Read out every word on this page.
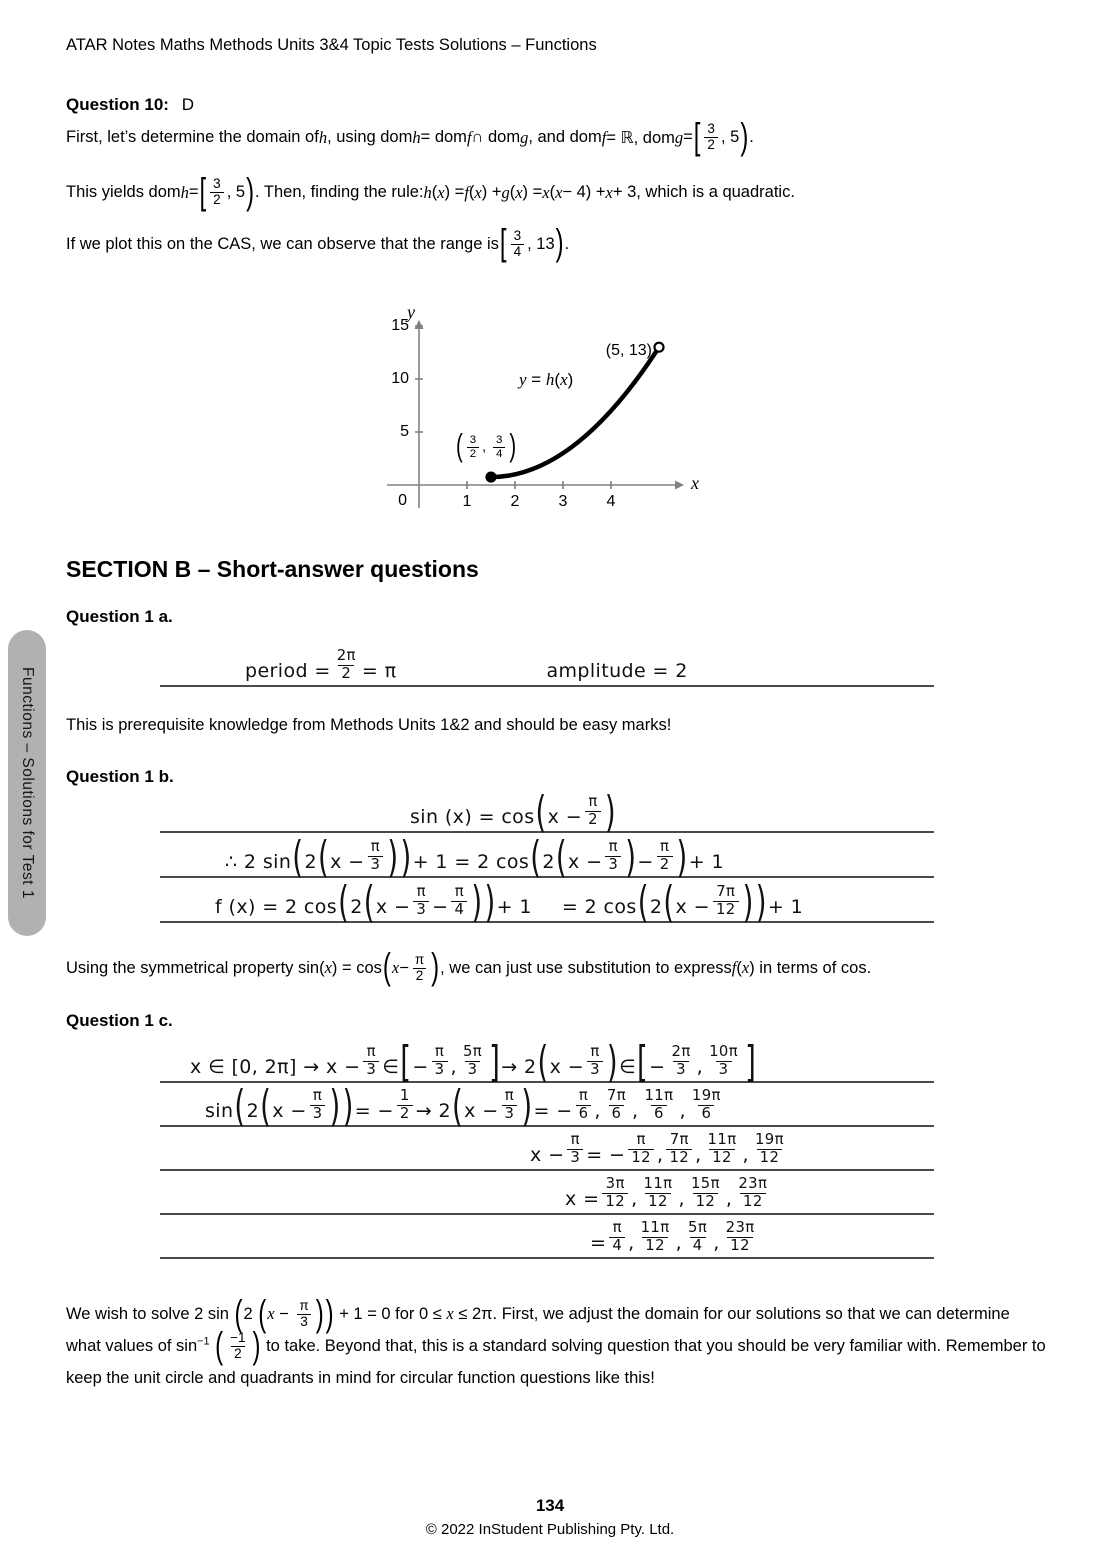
ATAR Notes Maths Methods Units 3&4 Topic Tests Solutions – Functions
Question 10: D
First, let’s determine the domain of h , using dom h = dom f ∩ dom g , and dom f = ℝ, dom g = [ $\frac{3}{2}$ , 5 ) .
This yields dom h = [ $\frac{3}{2}$ , 5 ) . Then, finding the rule: h ( x ) = f ( x ) + g ( x ) = x ( x − 4) + x + 3, which is a quadratic.
If we plot this on the CAS, we can observe that the range is [ $\frac{3}{4}$ , 13 ) .
y
x
15
10
5
0	1	2	3	4
y = h(x)
(5, 13)
( $\frac{3}{2}$ , $\frac{3}{4}$ )
SECTION B – Short-answer questions
Question 1 a.
period = $\frac{2\pi}{2} = \pi$	amplitude = 2
This is prerequisite knowledge from Methods Units 1&2 and should be easy marks!
Question 1 b.
sin (x) = cos ( $x - \frac{\pi}{2}$ )
∴ 2 sin ( 2 ( $x - \frac{\pi}{3}$ ) ) + 1 = 2 cos ( 2 ( $x - \frac{\pi}{3}$ ) − $\frac{\pi}{2}$ ) + 1
f (x) = 2 cos ( 2 ( $x - \frac{\pi}{3} - \frac{\pi}{4}$ ) ) + 1 = 2 cos ( 2 ( $x - \frac{7\pi}{12}$ ) ) + 1
Using the symmetrical property sin( x ) = cos ( $x - \frac{\pi}{2}$ ) , we can just use substitution to express f ( x ) in terms of cos.
Question 1 c.
x ∈ [0, $2\pi] \to x - \frac{\pi}{3}$ ∈ [ − $\frac{\pi}{3}$ , $\frac{5\pi}{3}$ ] → 2 ( $x - \frac{\pi}{3}$ ) ∈ [ − $\frac{2\pi}{3}$ , $\frac{10\pi}{3}$ ]
sin ( 2 ( $x - \frac{\pi}{3}$ ) ) = − $\frac{1}{2} \to 2$ ( $x - \frac{\pi}{3}$ ) = − $\frac{\pi}{6}$ , $\frac{7\pi}{6}$ , $\frac{11\pi}{6}$ , $\frac{19\pi}{6}$
$x - \frac{\pi}{3}$ = − $\frac{\pi}{12}$ , $\frac{7\pi}{12}$ , $\frac{11\pi}{12}$ , $\frac{19\pi}{12}$
$x = \frac{3\pi}{12}$ , $\frac{11\pi}{12}$ , $\frac{15\pi}{12}$ , $\frac{23\pi}{12}$
= $\frac{\pi}{4}$ , $\frac{11\pi}{12}$ , $\frac{5\pi}{4}$ , $\frac{23\pi}{12}$
We wish to solve 2 sin (2 ($x - \frac{\pi}{3}$ )) + 1 = 0 for 0 ≤ x ≤ 2π. First, we adjust the domain for our solutions so that we can determine what values of $\sin^{-1}$ ( $\frac{-1}{2}$ ) to take. Beyond that, this is a standard solving question that you should be very familiar with. Remember to keep the unit circle and quadrants in mind for circular function questions like this!
134
© 2022 InStudent Publishing Pty. Ltd.
Functions – Solutions for Test 1
